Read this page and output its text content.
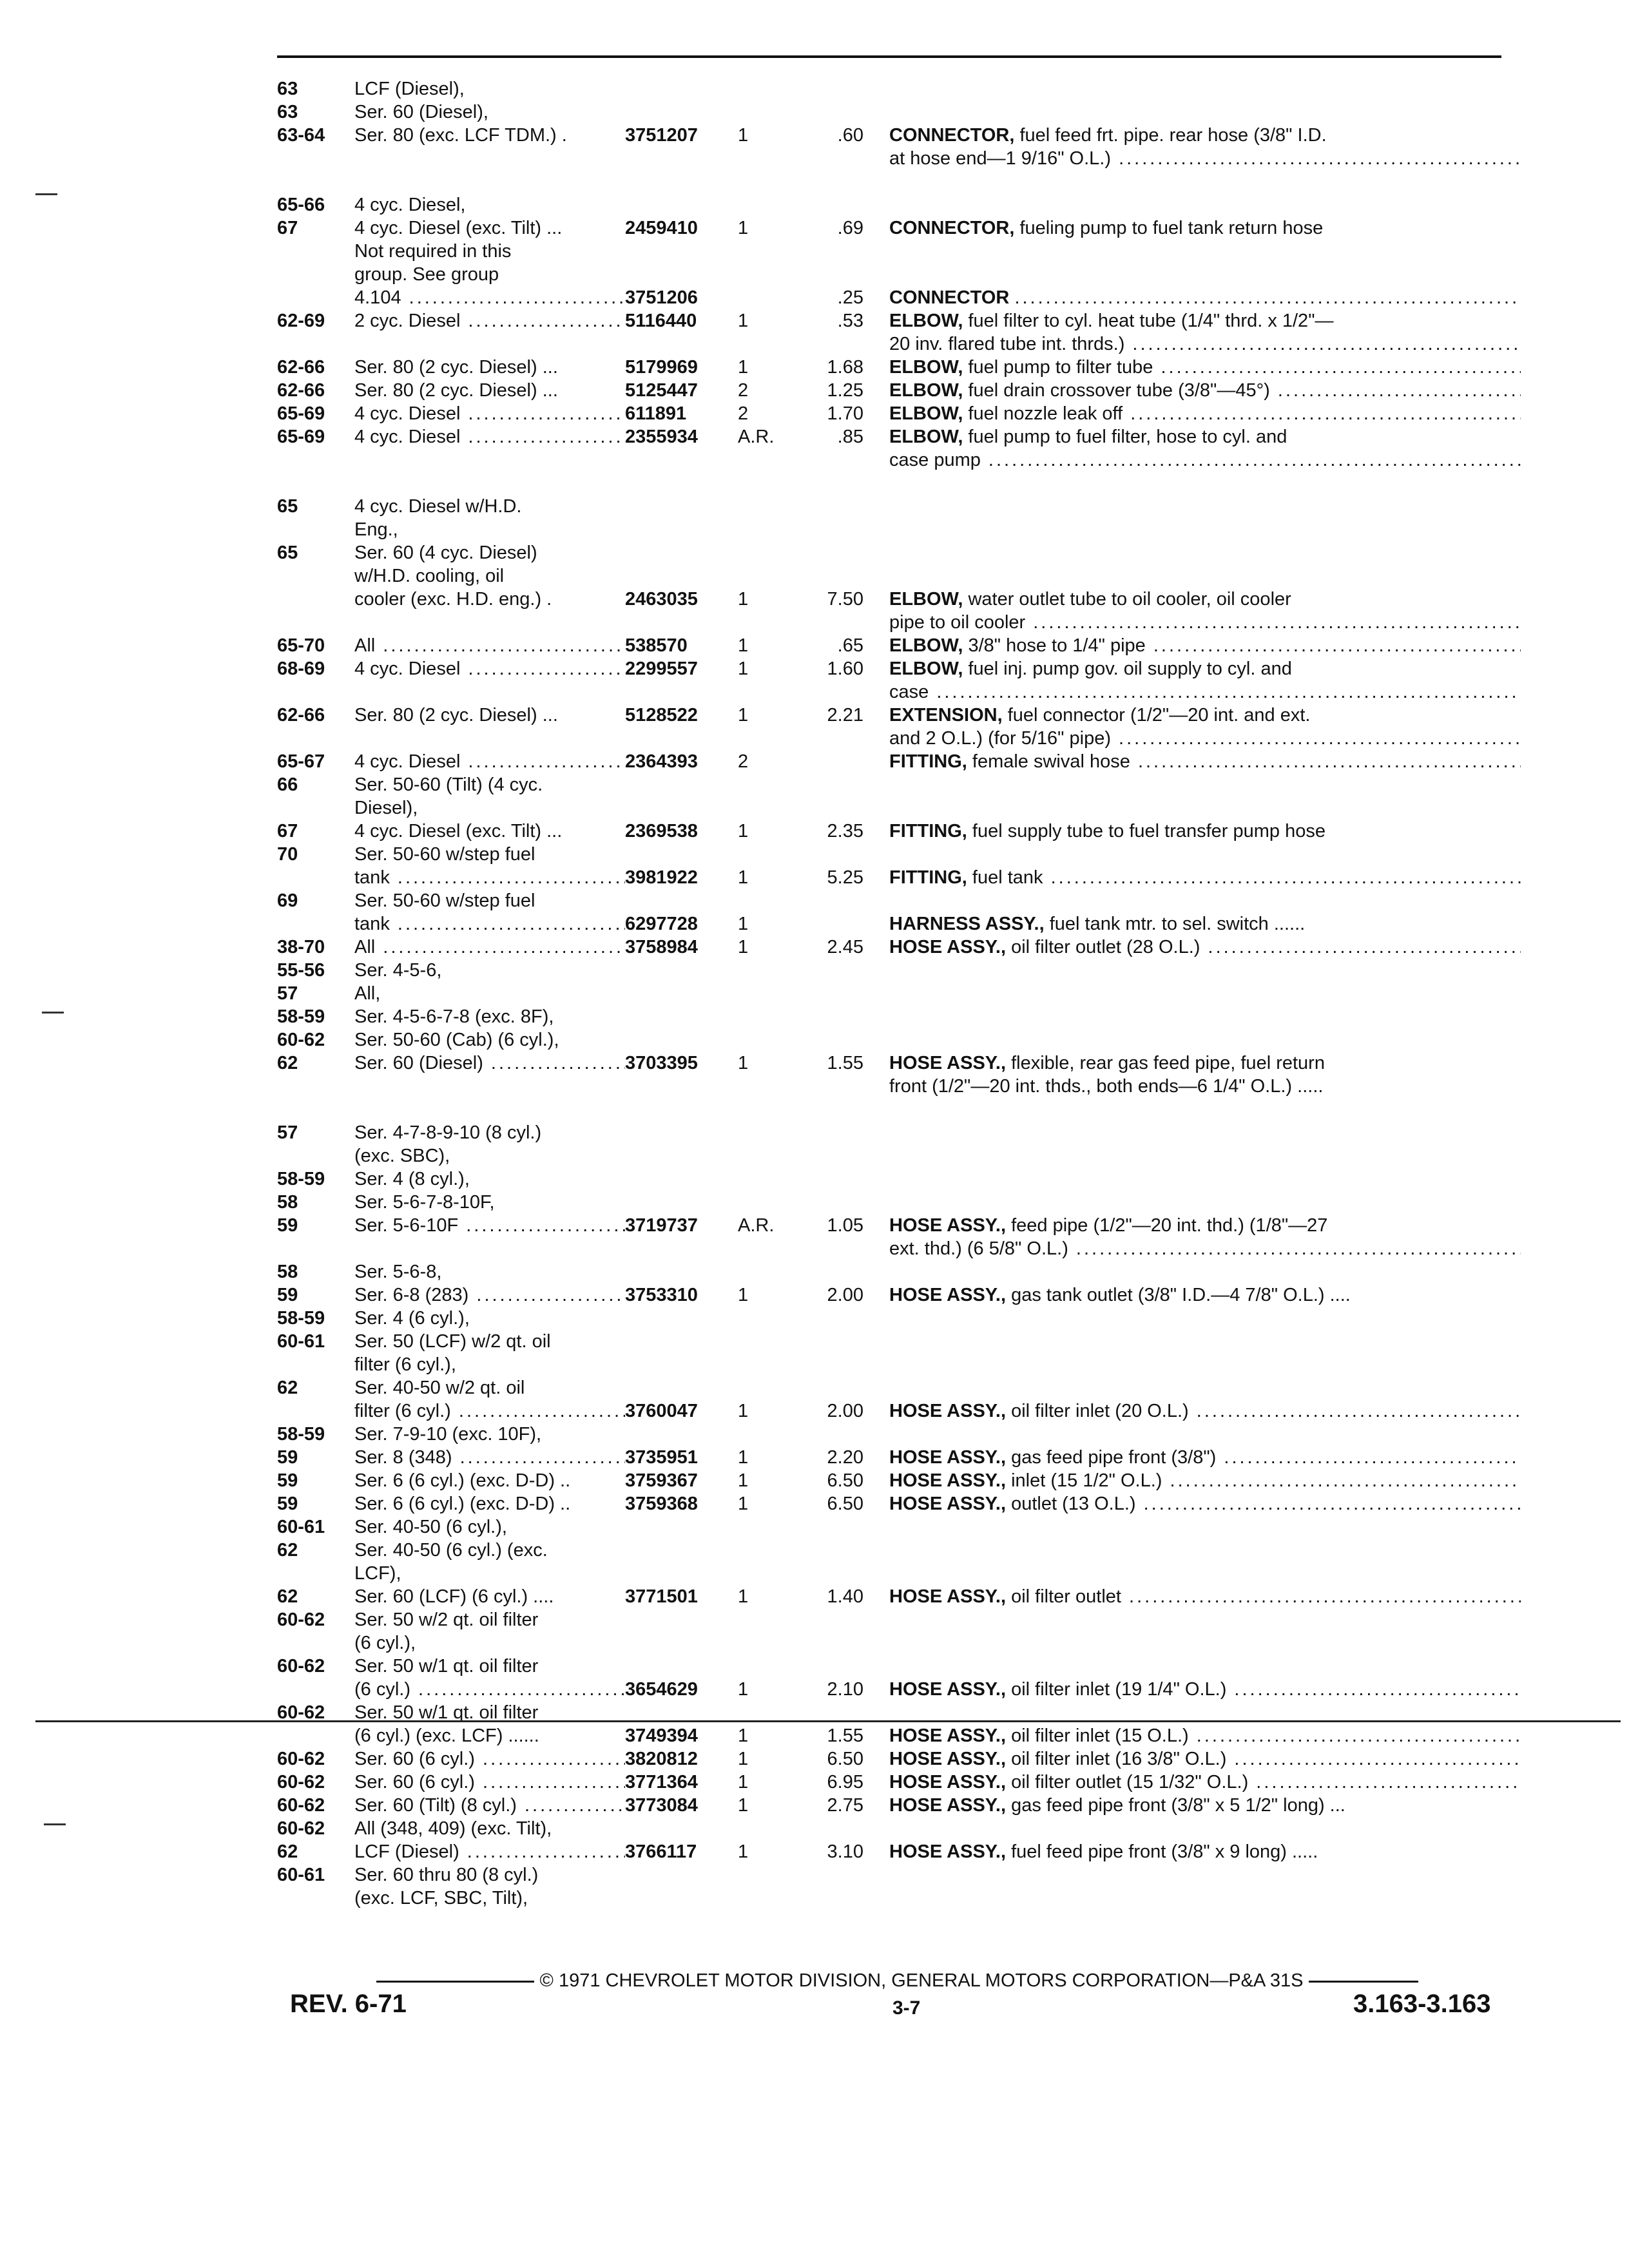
63	LCF (Diesel),					
63	Ser. 60 (Diesel),					
63-64	Ser. 80 (exc. LCF TDM.) .	3751207	1	.60		CONNECTOR, fuel feed frt. pipe. rear hose (3/8" I.D.
						at hose end—1 9/16" O.L.) .....

65-66	4 cyc. Diesel,					
67	4 cyc. Diesel (exc. Tilt) ...	2459410	1	.69		CONNECTOR, fueling pump to fuel tank return hose
	Not required in this					
	group. See group					
	4.104 .....	3751206		.25		CONNECTOR .....
62-69	2 cyc. Diesel .....	5116440	1	.53		ELBOW, fuel filter to cyl. heat tube (1/4" thrd. x 1/2"—
						20 inv. flared tube int. thrds.) .....
62-66	Ser. 80 (2 cyc. Diesel) ...	5179969	1	1.68		ELBOW, fuel pump to filter tube .....
62-66	Ser. 80 (2 cyc. Diesel) ...	5125447	2	1.25		ELBOW, fuel drain crossover tube (3/8"—45°) .....
65-69	4 cyc. Diesel .....	611891	2	1.70		ELBOW, fuel nozzle leak off .....
65-69	4 cyc. Diesel .....	2355934	A.R.	.85		ELBOW, fuel pump to fuel filter, hose to cyl. and
						case pump .....

65	4 cyc. Diesel w/H.D.					
	Eng.,					
65	Ser. 60 (4 cyc. Diesel)					
	w/H.D. cooling, oil					
	cooler (exc. H.D. eng.) .	2463035	1	7.50		ELBOW, water outlet tube to oil cooler, oil cooler
						pipe to oil cooler .....
65-70	All .....	538570	1	.65		ELBOW, 3/8" hose to 1/4" pipe .....
68-69	4 cyc. Diesel .....	2299557	1	1.60		ELBOW, fuel inj. pump gov. oil supply to cyl. and
						case .....
62-66	Ser. 80 (2 cyc. Diesel) ...	5128522	1	2.21		EXTENSION, fuel connector (1/2"—20 int. and ext.
						and 2 O.L.) (for 5/16" pipe) .....
65-67	4 cyc. Diesel .....	2364393	2			FITTING, female swival hose .....
66	Ser. 50-60 (Tilt) (4 cyc.					
	Diesel),					
67	4 cyc. Diesel (exc. Tilt) ...	2369538	1	2.35		FITTING, fuel supply tube to fuel transfer pump hose
70	Ser. 50-60 w/step fuel					
	tank .....	3981922	1	5.25		FITTING, fuel tank .....
69	Ser. 50-60 w/step fuel					
	tank .....	6297728	1			HARNESS ASSY., fuel tank mtr. to sel. switch ......
38-70	All .....	3758984	1	2.45		HOSE ASSY., oil filter outlet (28 O.L.) .....
55-56	Ser. 4-5-6,					
57	All,					
58-59	Ser. 4-5-6-7-8 (exc. 8F),					
60-62	Ser. 50-60 (Cab) (6 cyl.),					
62	Ser. 60 (Diesel) .....	3703395	1	1.55		HOSE ASSY., flexible, rear gas feed pipe, fuel return
						front (1/2"—20 int. thds., both ends—6 1/4" O.L.) .....

57	Ser. 4-7-8-9-10 (8 cyl.)					
	(exc. SBC),					
58-59	Ser. 4 (8 cyl.),					
58	Ser. 5-6-7-8-10F,					
59	Ser. 5-6-10F .....	3719737	A.R.	1.05		HOSE ASSY., feed pipe (1/2"—20 int. thd.) (1/8"—27
						ext. thd.) (6 5/8" O.L.) .....
58	Ser. 5-6-8,					
59	Ser. 6-8 (283) .....	3753310	1	2.00		HOSE ASSY., gas tank outlet (3/8" I.D.—4 7/8" O.L.) ....
58-59	Ser. 4 (6 cyl.),					
60-61	Ser. 50 (LCF) w/2 qt. oil					
	filter (6 cyl.),					
62	Ser. 40-50 w/2 qt. oil					
	filter (6 cyl.) .....	3760047	1	2.00		HOSE ASSY., oil filter inlet (20 O.L.) .....
58-59	Ser. 7-9-10 (exc. 10F),					
59	Ser. 8 (348) .....	3735951	1	2.20		HOSE ASSY., gas feed pipe front (3/8") .....
59	Ser. 6 (6 cyl.) (exc. D-D) ..	3759367	1	6.50		HOSE ASSY., inlet (15 1/2" O.L.) .....
59	Ser. 6 (6 cyl.) (exc. D-D) ..	3759368	1	6.50		HOSE ASSY., outlet (13 O.L.) .....
60-61	Ser. 40-50 (6 cyl.),					
62	Ser. 40-50 (6 cyl.) (exc.					
	LCF),					
62	Ser. 60 (LCF) (6 cyl.) ....	3771501	1	1.40		HOSE ASSY., oil filter outlet .....
60-62	Ser. 50 w/2 qt. oil filter					
	(6 cyl.),					
60-62	Ser. 50 w/1 qt. oil filter					
	(6 cyl.) .....	3654629	1	2.10		HOSE ASSY., oil filter inlet (19 1/4" O.L.) .....
60-62	Ser. 50 w/1 qt. oil filter					
	(6 cyl.) (exc. LCF) ......	3749394	1	1.55		HOSE ASSY., oil filter inlet (15 O.L.) .....
60-62	Ser. 60 (6 cyl.) .....	3820812	1	6.50		HOSE ASSY., oil filter inlet (16 3/8" O.L.) .....
60-62	Ser. 60 (6 cyl.) .....	3771364	1	6.95		HOSE ASSY., oil filter outlet (15 1/32" O.L.) .....
60-62	Ser. 60 (Tilt) (8 cyl.) .....	3773084	1	2.75		HOSE ASSY., gas feed pipe front (3/8" x 5 1/2" long) ...
60-62	All (348, 409) (exc. Tilt),					
62	LCF (Diesel) .....	3766117	1	3.10		HOSE ASSY., fuel feed pipe front (3/8" x 9 long) .....
60-61	Ser. 60 thru 80 (8 cyl.)					
	(exc. LCF, SBC, Tilt),					
© 1971 CHEVROLET MOTOR DIVISION, GENERAL MOTORS CORPORATION—P&A 31S
REV. 6-71	3-7	3.163-3.163
